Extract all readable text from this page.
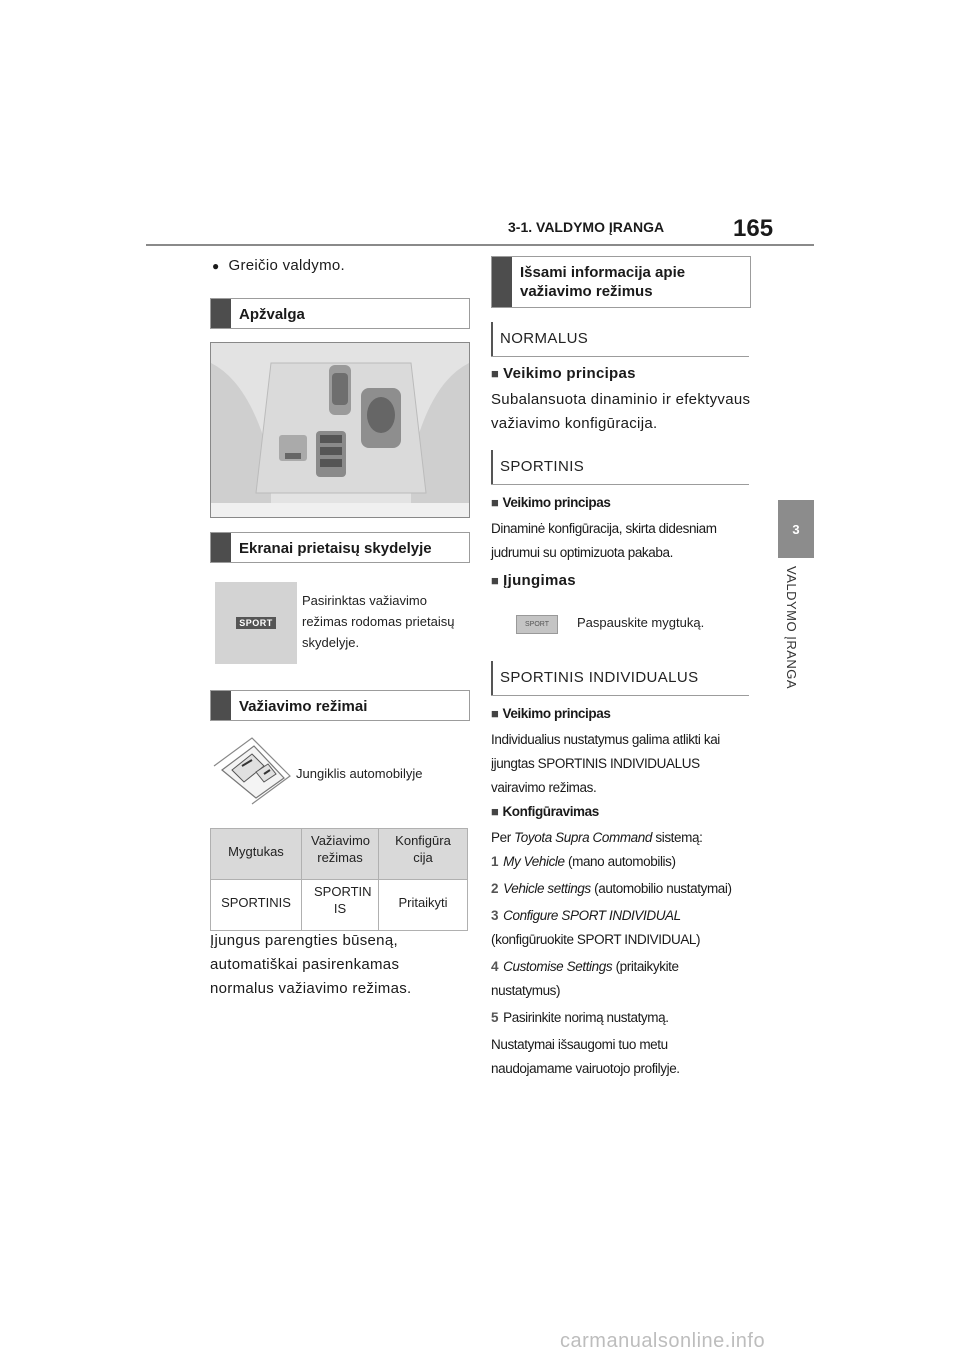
3-1. VALDYMO ĮRANGA	165
3
VALDYMO ĮRANGA
● Greičio valdymo.
Apžvalga
Ekranai prietaisų skydelyje
SPORT
Pasirinktas važiavimo režimas rodomas prietaisų skydelyje.
Važiavimo režimai
Jungiklis automobilyje
Mygtukas	Važiavimo režimas	Konfigūra cija

SPORTINIS	SPORTIN IS	Pritaikyti
Įjungus parengties būseną, automatiškai pasirenkamas normalus važiavimo režimas.
Išsami informacija apie važiavimo režimus
NORMALUS
■ Veikimo principas
Subalansuota dinaminio ir efektyvaus važiavimo konfigūracija.
SPORTINIS
■ Veikimo principas
Dinaminė konfigūracija, skirta didesniam judrumui su optimizuota pakaba.
■ Įjungimas
SPORT	Paspauskite mygtuką.
SPORTINIS INDIVIDUALUS
■ Veikimo principas
Individualius nustatymus galima atlikti kai įjungtas SPORTINIS INDIVIDUALUS vairavimo režimas.
■ Konfigūravimas
Per Toyota Supra Command sistemą:
1 My Vehicle (mano automobilis)
2 Vehicle settings (automobilio nustatymai)
3 Configure SPORT INDIVIDUAL (konfigūruokite SPORT INDIVIDUAL)
4 Customise Settings (pritaikykite nustatymus)
5 Pasirinkite norimą nustatymą.
Nustatymai išsaugomi tuo metu naudojamame vairuotojo profilyje.
carmanualsonline.info
